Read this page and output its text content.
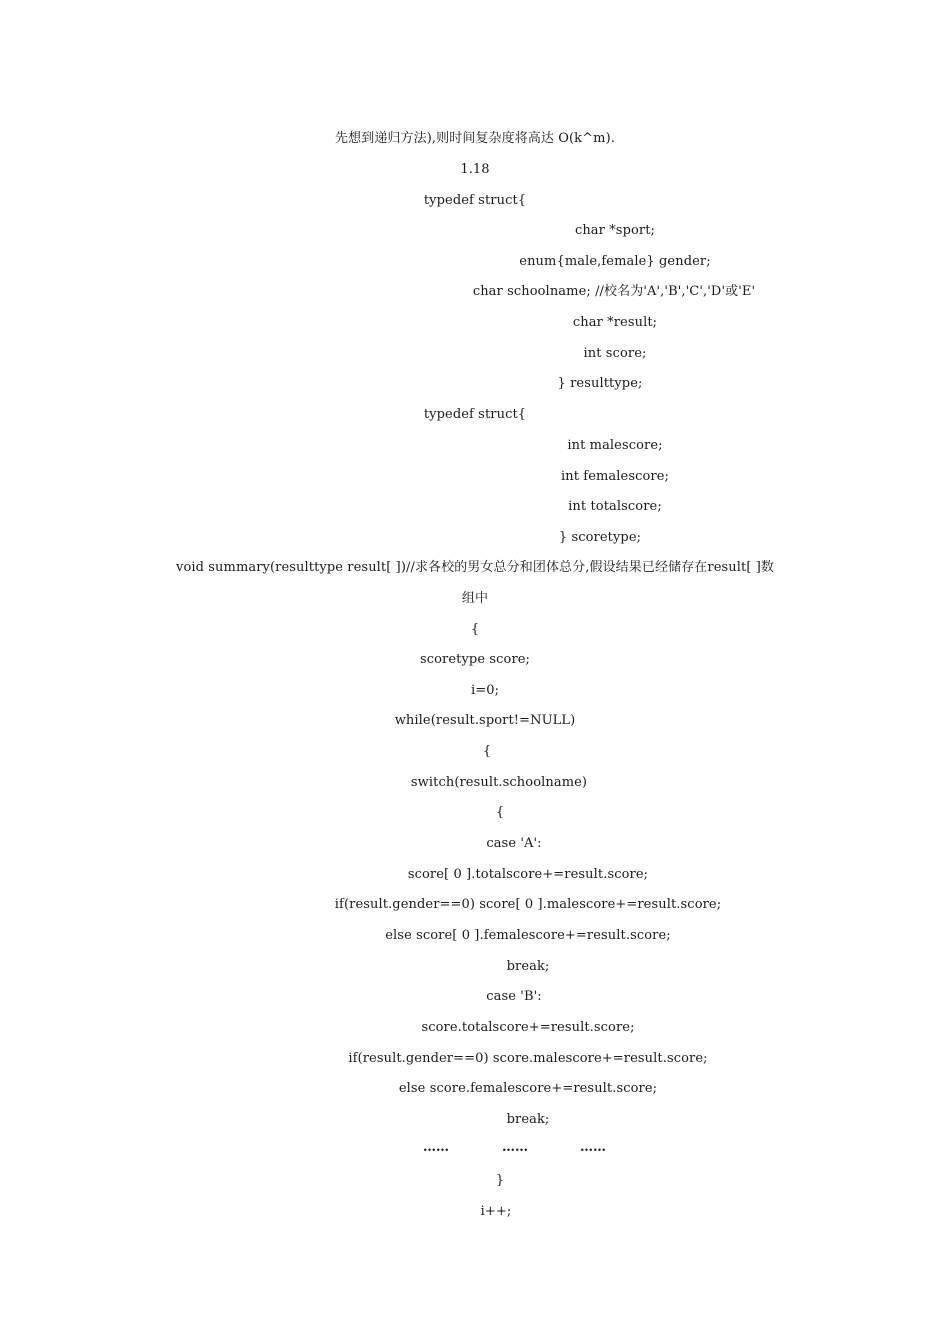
先想到递归方法),则时间复杂度将高达 O(k^m).
1.18
typedef struct{
char *sport;
enum{male,female} gender;
char schoolname; //校名为'A','B','C','D'或'E'
char *result;
int score;
} resulttype;
typedef struct{
int malescore;
int femalescore;
int totalscore;
} scoretype;
void summary(resulttype result[ ])//求各校的男女总分和团体总分,假设结果已经储存在result[ ]数
组中
{
scoretype score;
i=0;
while(result.sport!=NULL)
{
switch(result.schoolname)
{
case 'A':
score[ 0 ].totalscore+=result.score;
if(result.gender==0) score[ 0 ].malescore+=result.score;
else score[ 0 ].femalescore+=result.score;
break;
case 'B':
score.totalscore+=result.score;
if(result.gender==0) score.malescore+=result.score;
else score.femalescore+=result.score;
break;
……	……	……
}
i++;
